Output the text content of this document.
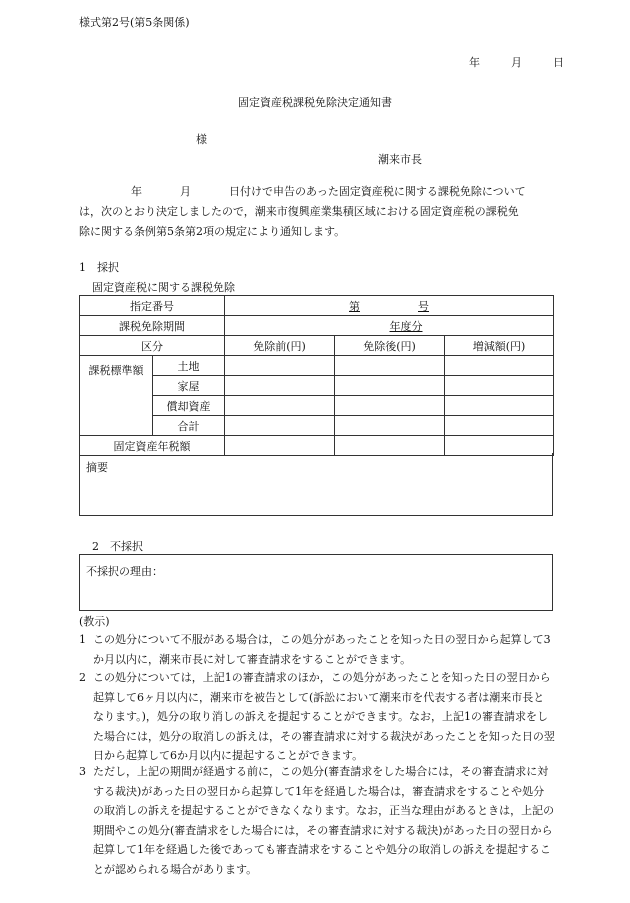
様式第2号(第5条関係)
年	月	日
固定資産税課税免除決定通知書
様
潮来市長
年	月	日付けで申告のあった固定資産税に関する課税免除について
は，次のとおり決定しましたので，潮来市復興産業集積区域における固定資産税の課税免
除に関する条例第5条第2項の規定により通知します。
1　採択
固定資産税に関する課税免除
指定番号		第 号		
課税免除期間		年度分		
区分		免除前(円)	免除後(円)	増減額(円)
課税標準額	土地			
	家屋			
	償却資産			
	合計			
固定資産年税額				
摘要
2　不採択
不採択の理由：
(教示)
1 この処分について不服がある場合は，この処分があったことを知った日の翌日から起算して3か月以内に，潮来市長に対して審査請求をすることができます。
2 この処分については，上記1の審査請求のほか，この処分があったことを知った日の翌日から起算して6ヶ月以内に，潮来市を被告として(訴訟において潮来市を代表する者は潮来市長となります。)，処分の取り消しの訴えを提起することができます。なお，上記1の審査請求をした場合には，処分の取消しの訴えは，その審査請求に対する裁決があったことを知った日の翌日から起算して6か月以内に提起することができます。
3 ただし，上記の期間が経過する前に，この処分(審査請求をした場合には，その審査請求に対する裁決)があった日の翌日から起算して1年を経過した場合は，審査請求をすることや処分の取消しの訴えを提起することができなくなります。なお，正当な理由があるときは，上記の期間やこの処分(審査請求をした場合には，その審査請求に対する裁決)があった日の翌日から起算して1年を経過した後であっても審査請求をすることや処分の取消しの訴えを提起することが認められる場合があります。
